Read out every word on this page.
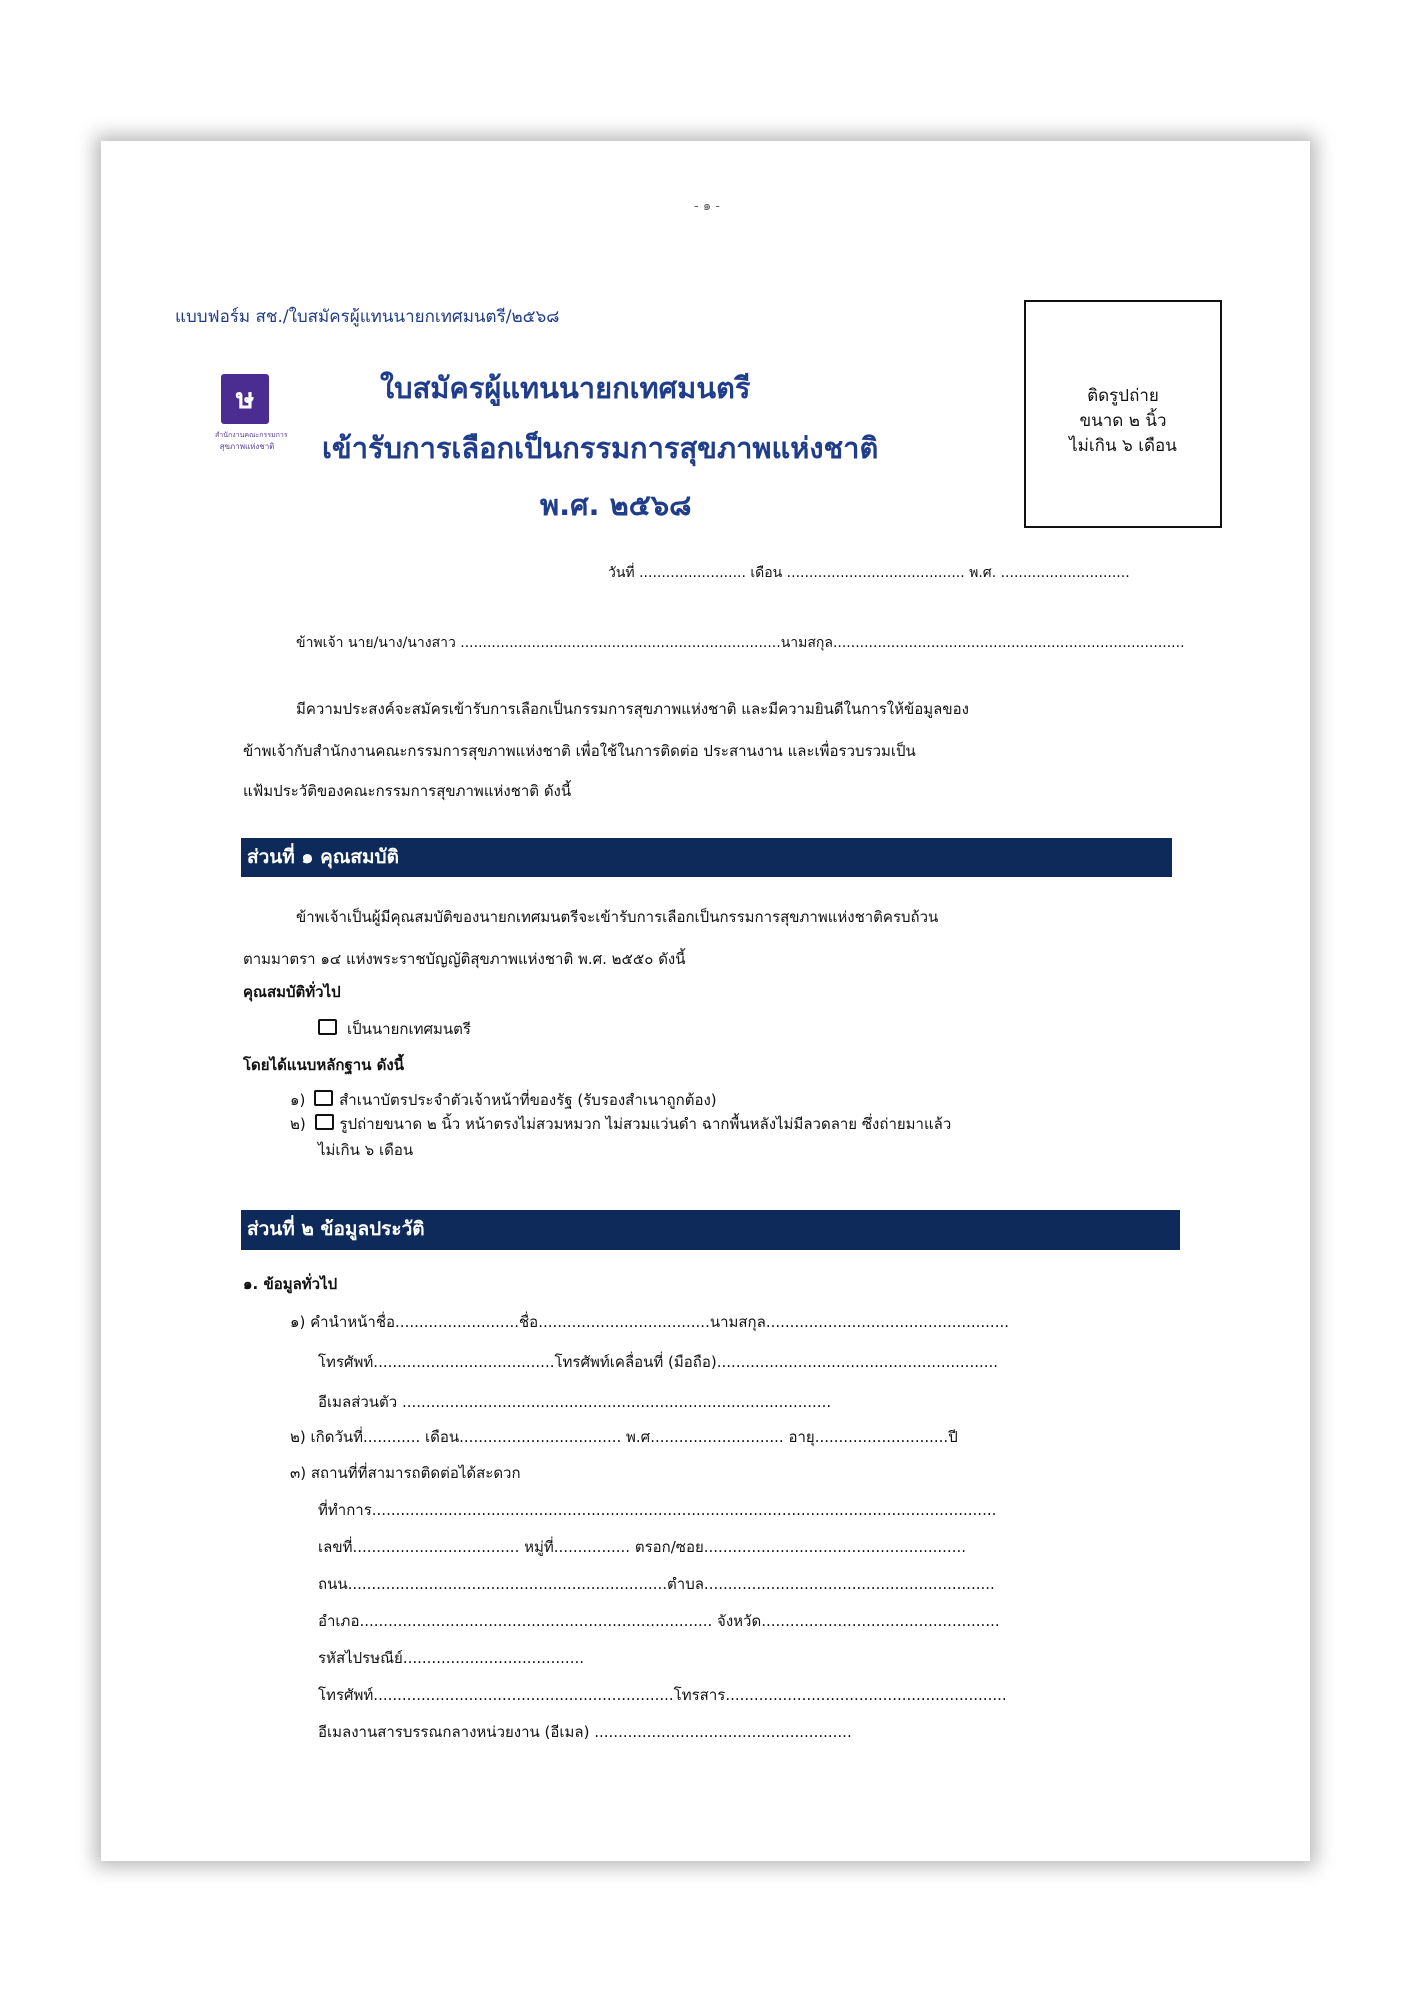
- ๑ -
แบบฟอร์ม สช./ใบสมัครผู้แทนนายกเทศมนตรี/๒๕๖๘
ษ
สำนักงานคณะกรรมการ
สุขภาพแห่งชาติ
ใบสมัครผู้แทนนายกเทศมนตรี
เข้ารับการเลือกเป็นกรรมการสุขภาพแห่งชาติ
พ.ศ. ๒๕๖๘
ติดรูปถ่าย
ขนาด ๒ นิ้ว
ไม่เกิน ๖ เดือน
วันที่ ........................ เดือน ........................................ พ.ศ. .............................
ข้าพเจ้า นาย/นาง/นางสาว ........................................................................นามสกุล...............................................................................
มีความประสงค์จะสมัครเข้ารับการเลือกเป็นกรรมการสุขภาพแห่งชาติ และมีความยินดีในการให้ข้อมูลของ
ข้าพเจ้ากับสำนักงานคณะกรรมการสุขภาพแห่งชาติ เพื่อใช้ในการติดต่อ ประสานงาน และเพื่อรวบรวมเป็น
แฟ้มประวัติของคณะกรรมการสุขภาพแห่งชาติ ดังนี้
ส่วนที่ ๑ คุณสมบัติ
ข้าพเจ้าเป็นผู้มีคุณสมบัติของนายกเทศมนตรีจะเข้ารับการเลือกเป็นกรรมการสุขภาพแห่งชาติครบถ้วน
ตามมาตรา ๑๔ แห่งพระราชบัญญัติสุขภาพแห่งชาติ พ.ศ. ๒๕๕๐ ดังนี้
คุณสมบัติทั่วไป
เป็นนายกเทศมนตรี
โดยได้แนบหลักฐาน ดังนี้
๑) สำเนาบัตรประจำตัวเจ้าหน้าที่ของรัฐ (รับรองสำเนาถูกต้อง)
๒) รูปถ่ายขนาด ๒ นิ้ว หน้าตรงไม่สวมหมวก ไม่สวมแว่นดำ ฉากพื้นหลังไม่มีลวดลาย ซึ่งถ่ายมาแล้ว
ไม่เกิน ๖ เดือน
ส่วนที่ ๒ ข้อมูลประวัติ
๑. ข้อมูลทั่วไป
๑) คำนำหน้าชื่อ..........................ชื่อ....................................นามสกุล...................................................
โทรศัพท์......................................โทรศัพท์เคลื่อนที่ (มือถือ)...........................................................
อีเมลส่วนตัว ..........................................................................................
๒) เกิดวันที่............ เดือน.................................. พ.ศ............................ อายุ............................ปี
๓) สถานที่ที่สามารถติดต่อได้สะดวก
ที่ทำการ...................................................................................................................................
เลขที่................................... หมู่ที่................ ตรอก/ซอย.......................................................
ถนน...................................................................ตำบล.............................................................
อำเภอ.......................................................................... จังหวัด..................................................
รหัสไปรษณีย์......................................
โทรศัพท์...............................................................โทรสาร...........................................................
อีเมลงานสารบรรณกลางหน่วยงาน (อีเมล) ......................................................
